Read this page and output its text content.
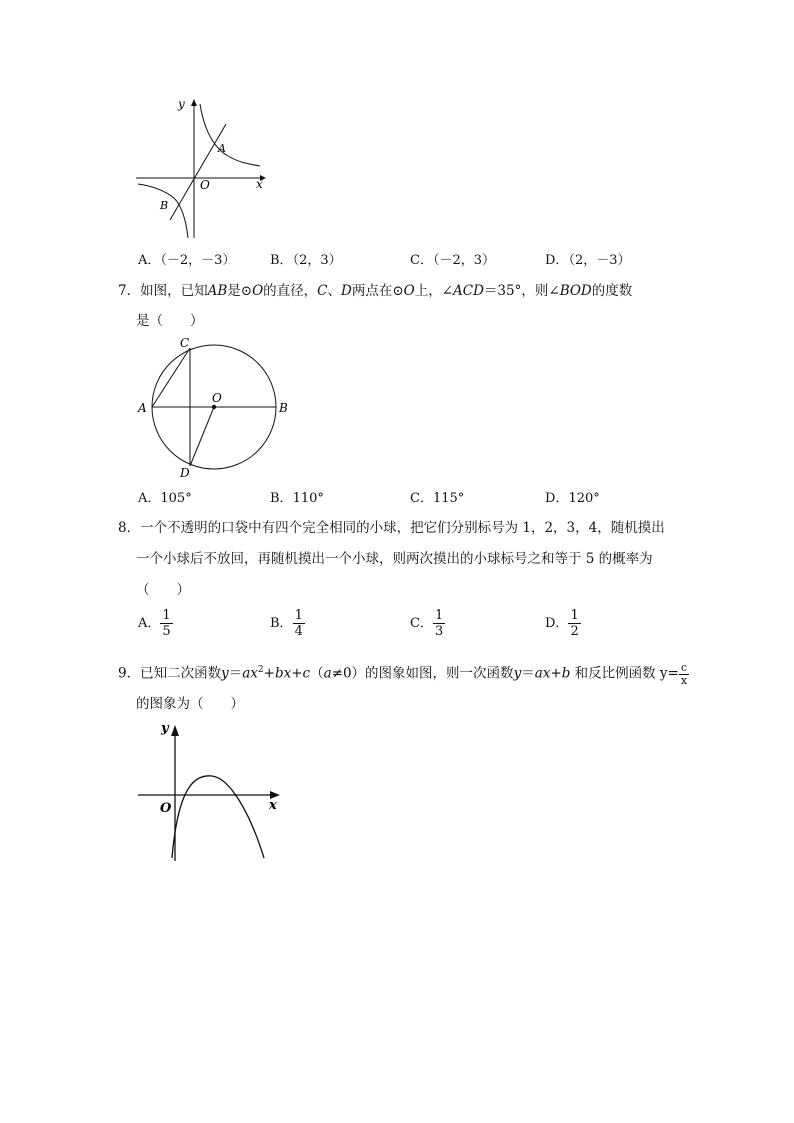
y
A
O	x
B
A．（－2，－3）	B．（2，3）	C．（－2，3）	D．（2，－3）
7．如图，已知AB是⊙O的直径，C、D两点在⊙O上，∠ACD＝35°，则∠BOD的度数
是（　　）
C
O
A	B
D
A．105°	B．110°	C．115°	D．120°
8．一个不透明的口袋中有四个完全相同的小球，把它们分别标号为 1，2，3，4，随机摸出
一个小球后不放回，再随机摸出一个小球，则两次摸出的小球标号之和等于 5 的概率为
（　　）
A． $\frac{1}{5}$	B． $\frac{1}{4}$	C． $\frac{1}{3}$	D． $\frac{1}{2}$
9．已知二次函数$y=ax^2+bx+c(a\ne 0)$的图象如图，则一次函数y＝ax+b 和反比例函数 $y= \frac{c}{x}$
的图象为（　　）
y
O	x
